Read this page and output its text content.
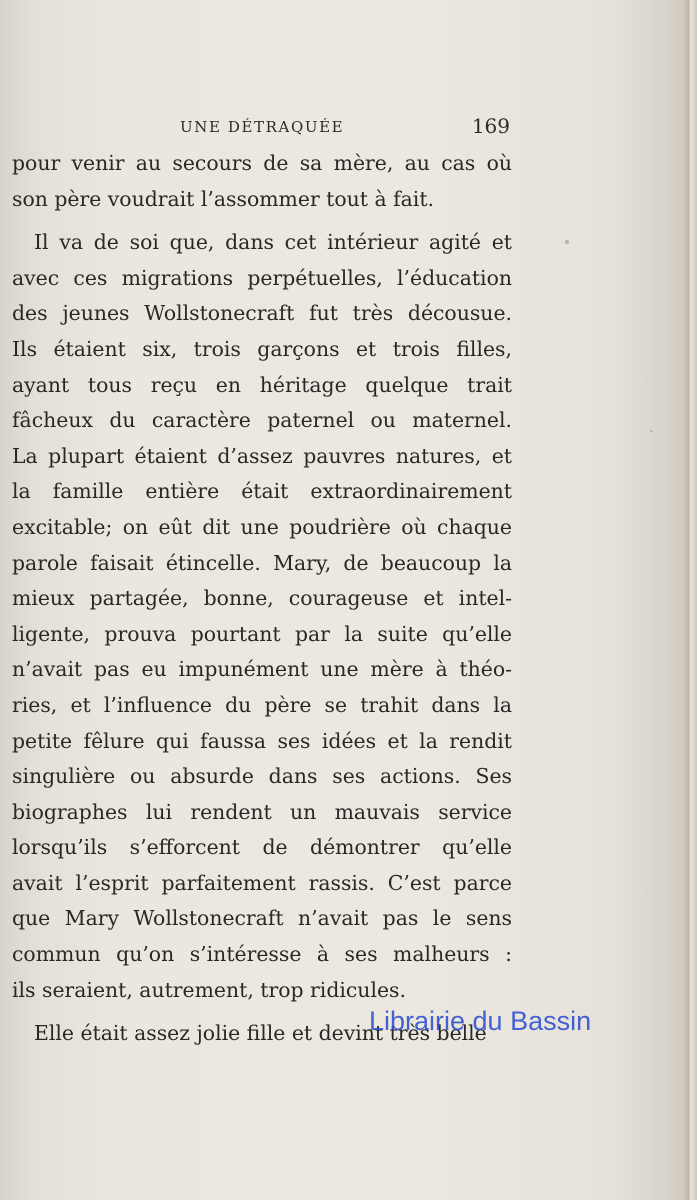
UNE DÉTRAQUÉE	169
pour venir au secours de sa mère, au cas où
son père voudrait l’assommer tout à fait.
Il va de soi que, dans cet intérieur agité et
avec ces migrations perpétuelles, l’éducation
des jeunes Wollstonecraft fut très décousue.
Ils étaient six, trois garçons et trois filles,
ayant tous reçu en héritage quelque trait
fâcheux du caractère paternel ou maternel.
La plupart étaient d’assez pauvres natures, et
la famille entière était extraordinairement
excitable; on eût dit une poudrière où chaque
parole faisait étincelle. Mary, de beaucoup la
mieux partagée, bonne, courageuse et intel-
ligente, prouva pourtant par la suite qu’elle
n’avait pas eu impunément une mère à théo-
ries, et l’influence du père se trahit dans la
petite fêlure qui faussa ses idées et la rendit
singulière ou absurde dans ses actions. Ses
biographes lui rendent un mauvais service
lorsqu’ils s’efforcent de démontrer qu’elle
avait l’esprit parfaitement rassis. C’est parce
que Mary Wollstonecraft n’avait pas le sens
commun qu’on s’intéresse à ses malheurs :
ils seraient, autrement, trop ridicules.
Elle était assez jolie fille et devint très belle
Librairie du Bassin
